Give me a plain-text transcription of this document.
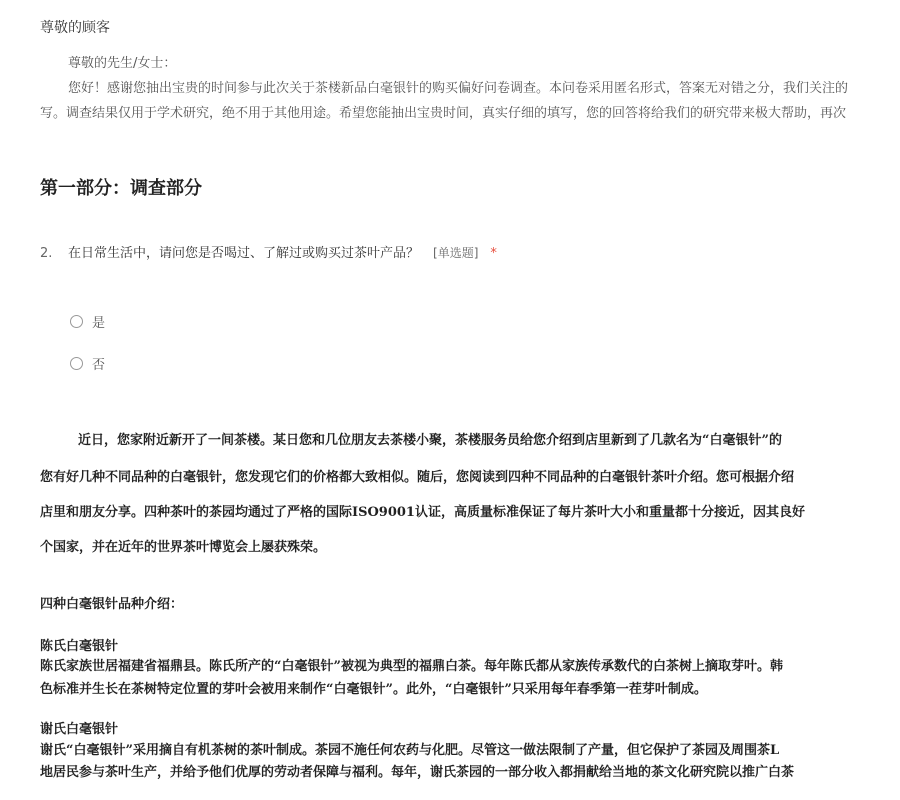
尊敬的顾客
尊敬的先生/女士：
您好！感谢您抽出宝贵的时间参与此次关于茶楼新品白毫银针的购买偏好问卷调查。本问卷采用匿名形式，答案无对错之分，我们关注的
写。调查结果仅用于学术研究，绝不用于其他用途。希望您能抽出宝贵时间，真实仔细的填写，您的回答将给我们的研究带来极大帮助，再次
第一部分：调查部分
2. 在日常生活中，请问您是否喝过、了解过或购买过茶叶产品？ [单选题] *
是
否
近日，您家附近新开了一间茶楼。某日您和几位朋友去茶楼小聚，茶楼服务员给您介绍到店里新到了几款名为“白毫银针”的
您有好几种不同品种的白毫银针，您发现它们的价格都大致相似。随后，您阅读到四种不同品种的白毫银针茶叶介绍。您可根据介绍
店里和朋友分享。四种茶叶的茶园均通过了严格的国际ISO9001认证，高质量标准保证了每片茶叶大小和重量都十分接近，因其良好
个国家，并在近年的世界茶叶博览会上屡获殊荣。
四种白毫银针品种介绍：
陈氏白毫银针
陈氏家族世居福建省福鼎县。陈氏所产的“白毫银针”被视为典型的福鼎白茶。每年陈氏都从家族传承数代的白茶树上摘取芽叶。韩
色标准并生长在茶树特定位置的芽叶会被用来制作“白毫银针”。此外，“白毫银针”只采用每年春季第一茬芽叶制成。
谢氏白毫银针
谢氏“白毫银针”采用摘自有机茶树的茶叶制成。茶园不施任何农药与化肥。尽管这一做法限制了产量，但它保护了茶园及周围茶L
地居民参与茶叶生产，并给予他们优厚的劳动者保障与福利。每年，谢氏茶园的一部分收入都捐献给当地的茶文化研究院以推广白茶
